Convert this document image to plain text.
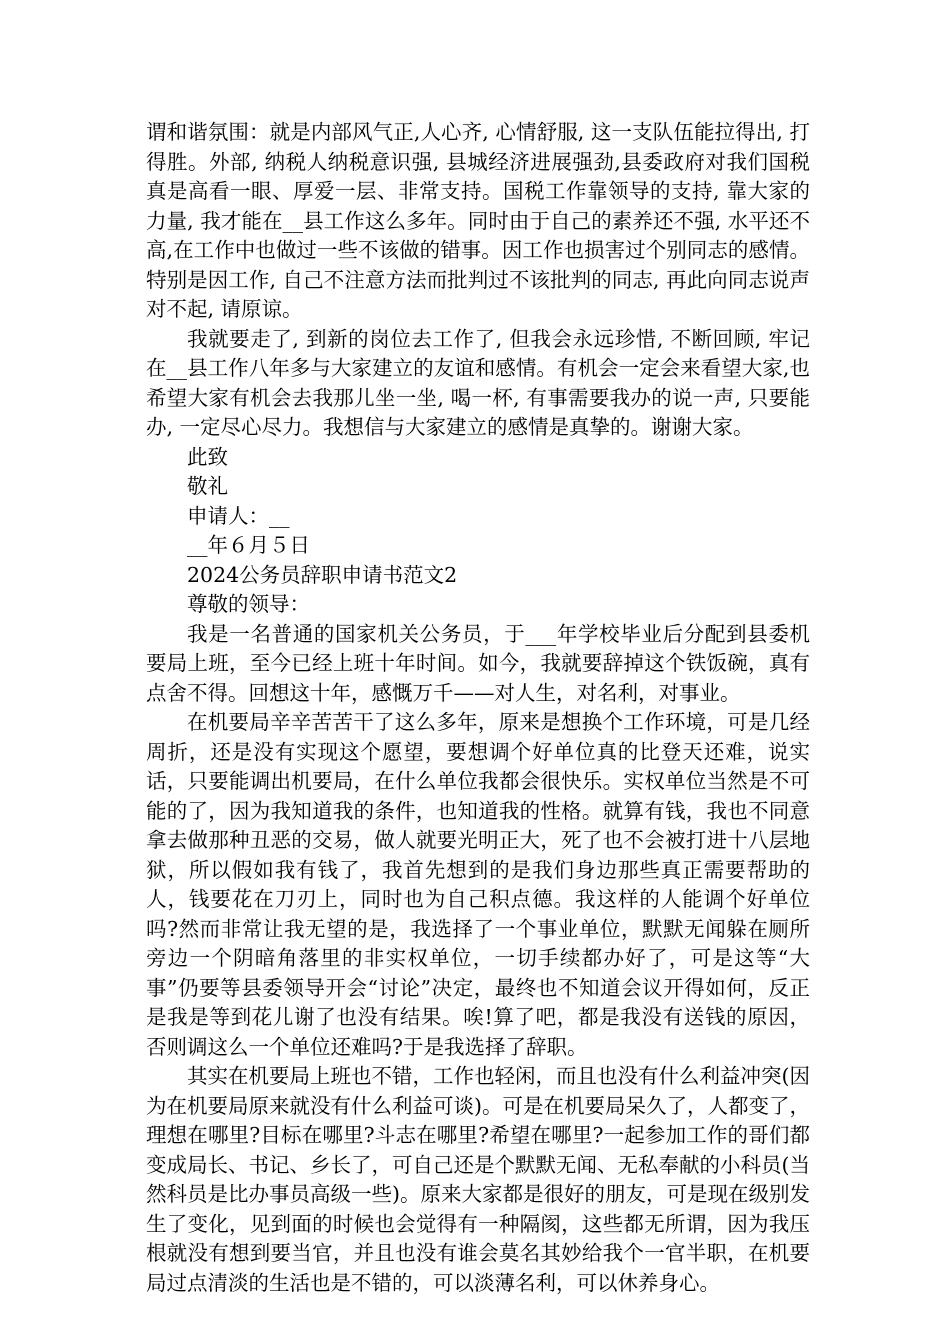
谓和谐氛围：就是内部风气正,人心齐, 心情舒服, 这一支队伍能拉得出, 打得胜。外部, 纳税人纳税意识强, 县城经济进展强劲,县委政府对我们国税真是高看一眼、厚爱一层、非常支持。国税工作靠领导的支持, 靠大家的力量, 我才能在__县工作这么多年。同时由于自己的素养还不强, 水平还不高,在工作中也做过一些不该做的错事。因工作也损害过个别同志的感情。特别是因工作, 自己不注意方法而批判过不该批判的同志, 再此向同志说声对不起, 请原谅。

我就要走了, 到新的岗位去工作了, 但我会永远珍惜, 不断回顾, 牢记在__县工作八年多与大家建立的友谊和感情。有机会一定会来看望大家,也希望大家有机会去我那儿坐一坐, 喝一杯, 有事需要我办的说一声, 只要能办, 一定尽心尽力。我想信与大家建立的感情是真挚的。谢谢大家。

此致

敬礼

申请人：__

__年６月５日

2024公务员辞职申请书范文2

尊敬的领导：

我是一名普通的国家机关公务员，于___年学校毕业后分配到县委机要局上班，至今已经上班十年时间。如今，我就要辞掉这个铁饭碗，真有点舍不得。回想这十年，感慨万千——对人生，对名利，对事业。

在机要局辛辛苦苦干了这么多年，原来是想换个工作环境，可是几经周折，还是没有实现这个愿望，要想调个好单位真的比登天还难，说实话，只要能调出机要局，在什么单位我都会很快乐。实权单位当然是不可能的了，因为我知道我的条件，也知道我的性格。就算有钱，我也不同意拿去做那种丑恶的交易，做人就要光明正大，死了也不会被打进十八层地狱，所以假如我有钱了，我首先想到的是我们身边那些真正需要帮助的人，钱要花在刀刃上，同时也为自己积点德。我这样的人能调个好单位吗?然而非常让我无望的是，我选择了一个事业单位，默默无闻躲在厕所旁边一个阴暗角落里的非实权单位，一切手续都办好了，可是这等“大事”仍要等县委领导开会“讨论”决定，最终也不知道会议开得如何，反正是我是等到花儿谢了也没有结果。唉!算了吧，都是我没有送钱的原因，否则调这么一个单位还难吗?于是我选择了辞职。

其实在机要局上班也不错，工作也轻闲，而且也没有什么利益冲突(因为在机要局原来就没有什么利益可谈)。可是在机要局呆久了，人都变了，理想在哪里?目标在哪里?斗志在哪里?希望在哪里?一起参加工作的哥们都变成局长、书记、乡长了，可自己还是个默默无闻、无私奉献的小科员(当然科员是比办事员高级一些)。原来大家都是很好的朋友，可是现在级别发生了变化，见到面的时候也会觉得有一种隔阂，这些都无所谓，因为我压根就没有想到要当官，并且也没有谁会莫名其妙给我个一官半职，在机要局过点清淡的生活也是不错的，可以淡薄名利，可以休养身心。
